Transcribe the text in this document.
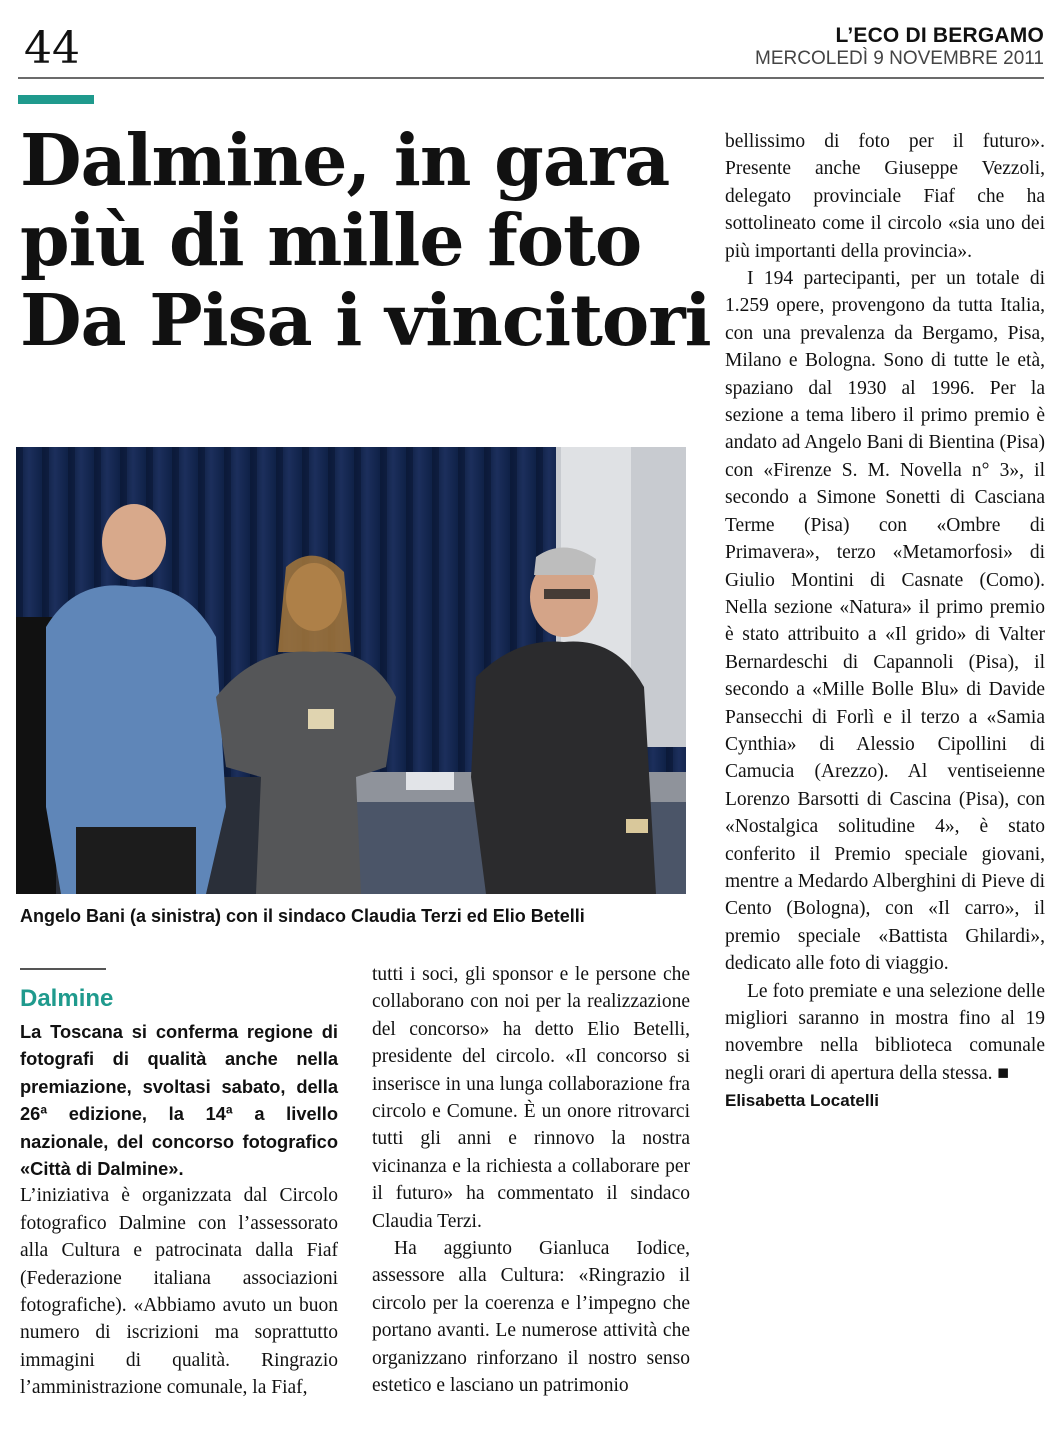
44	L’ECO DI BERGAMO
MERCOLEDÌ 9 NOVEMBRE 2011
Dalmine, in gara
più di mille foto
Da Pisa i vincitori
Angelo Bani (a sinistra) con il sindaco Claudia Terzi ed Elio Betelli
Dalmine

La Toscana si conferma regione di fotografi di qualità anche nella premiazione, svoltasi sabato, della 26ª edizione, la 14ª a livello nazionale, del concorso fotografico «Città di Dalmine».

L’iniziativa è organizzata dal Circolo fotografico Dalmine con l’assessorato alla Cultura e patrocinata dalla Fiaf (Federazione italiana associazioni fotografiche). «Abbiamo avuto un buon numero di iscrizioni ma soprattutto immagini di qualità. Ringrazio l’amministrazione comunale, la Fiaf,

tutti i soci, gli sponsor e le persone che collaborano con noi per la realizzazione del concorso» ha detto Elio Betelli, presidente del circolo. «Il concorso si inserisce in una lunga collaborazione fra circolo e Comune. È un onore ritrovarci tutti gli anni e rinnovo la nostra vicinanza e la richiesta a collaborare per il futuro» ha commentato il sindaco Claudia Terzi.

Ha aggiunto Gianluca Iodice, assessore alla Cultura: «Ringrazio il circolo per la coerenza e l’impegno che portano avanti. Le numerose attività che organizzano rinforzano il nostro senso estetico e lasciano un patrimonio

bellissimo di foto per il futuro». Presente anche Giuseppe Vezzoli, delegato provinciale Fiaf che ha sottolineato come il circolo «sia uno dei più importanti della provincia».

I 194 partecipanti, per un totale di 1.259 opere, provengono da tutta Italia, con una prevalenza da Bergamo, Pisa, Milano e Bologna. Sono di tutte le età, spaziano dal 1930 al 1996. Per la sezione a tema libero il primo premio è andato ad Angelo Bani di Bientina (Pisa) con «Firenze S. M. Novella n° 3», il secondo a Simone Sonetti di Casciana Terme (Pisa) con «Ombre di Primavera», terzo «Metamorfosi» di Giulio Montini di Casnate (Como). Nella sezione «Natura» il primo premio è stato attribuito a «Il grido» di Valter Bernardeschi di Capannoli (Pisa), il secondo a «Mille Bolle Blu» di Davide Pansecchi di Forlì e il terzo a «Samia Cynthia» di Alessio Cipollini di Camucia (Arezzo). Al ventiseienne Lorenzo Barsotti di Cascina (Pisa), con «Nostalgica solitudine 4», è stato conferito il Premio speciale giovani, mentre a Medardo Alberghini di Pieve di Cento (Bologna), con «Il carro», il premio speciale «Battista Ghilardi», dedicato alle foto di viaggio.

Le foto premiate e una selezione delle migliori saranno in mostra fino al 19 novembre nella biblioteca comunale negli orari di apertura della stessa. ■

Elisabetta Locatelli
